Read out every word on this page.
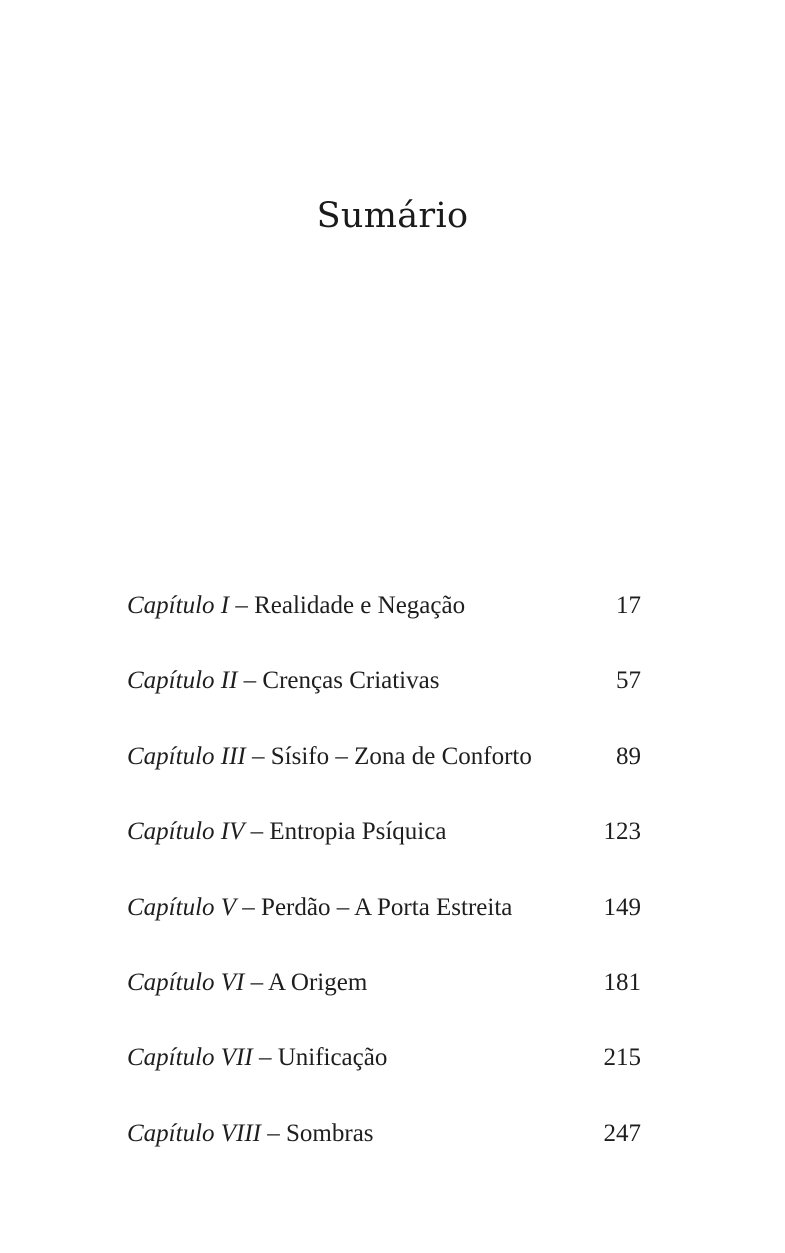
Sumário
Capítulo I – Realidade e Negação	17
Capítulo II – Crenças Criativas	57
Capítulo III – Sísifo – Zona de Conforto	89
Capítulo IV – Entropia Psíquica	123
Capítulo V – Perdão – A Porta Estreita	149
Capítulo VI – A Origem	181
Capítulo VII – Unificação	215
Capítulo VIII – Sombras	247
